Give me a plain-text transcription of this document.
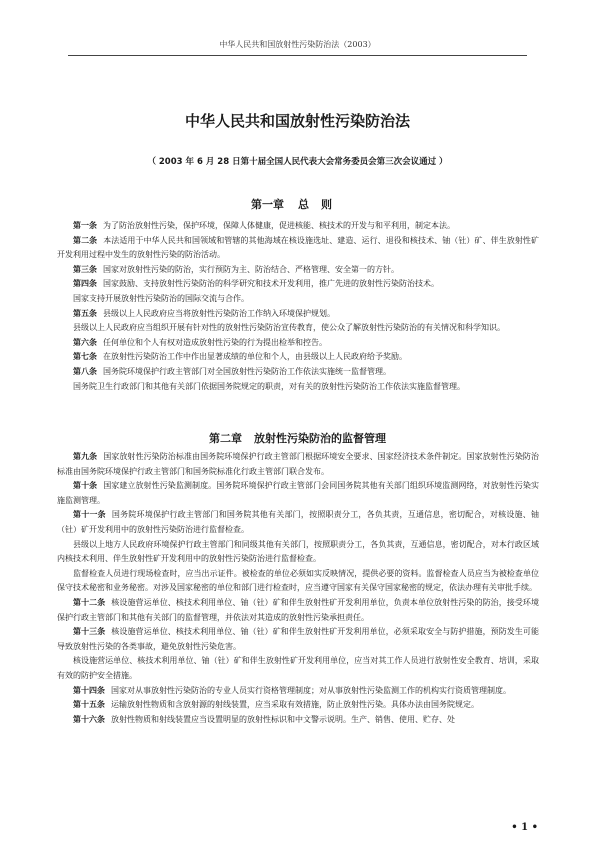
中华人民共和国放射性污染防治法（2003）
中华人民共和国放射性污染防治法
（ 2003 年 6 月 28 日第十届全国人民代表大会常务委员会第三次会议通过 ）
第一章 总则

第一条 为了防治放射性污染，保护环境，保障人体健康，促进核能、核技术的开发与和平利用，制定本法。

第二条 本法适用于中华人民共和国领域和管辖的其他海域在核设施选址、建造、运行、退役和核技术、铀（钍）矿、伴生放射性矿开发利用过程中发生的放射性污染的防治活动。

第三条 国家对放射性污染的防治，实行预防为主、防治结合、严格管理、安全第一的方针。

第四条 国家鼓励、支持放射性污染防治的科学研究和技术开发利用，推广先进的放射性污染防治技术。

国家支持开展放射性污染防治的国际交流与合作。

第五条 县级以上人民政府应当将放射性污染防治工作纳入环境保护规划。

县级以上人民政府应当组织开展有针对性的放射性污染防治宣传教育，使公众了解放射性污染防治的有关情况和科学知识。

第六条 任何单位和个人有权对造成放射性污染的行为提出检举和控告。

第七条 在放射性污染防治工作中作出显著成绩的单位和个人，由县级以上人民政府给予奖励。

第八条 国务院环境保护行政主管部门对全国放射性污染防治工作依法实施统一监督管理。

国务院卫生行政部门和其他有关部门依据国务院规定的职责，对有关的放射性污染防治工作依法实施监督管理。

第二章 放射性污染防治的监督管理

第九条 国家放射性污染防治标准由国务院环境保护行政主管部门根据环境安全要求、国家经济技术条件制定。国家放射性污染防治标准由国务院环境保护行政主管部门和国务院标准化行政主管部门联合发布。

第十条 国家建立放射性污染监测制度。国务院环境保护行政主管部门会同国务院其他有关部门组织环境监测网络，对放射性污染实施监测管理。

第十一条 国务院环境保护行政主管部门和国务院其他有关部门，按照职责分工，各负其责，互通信息，密切配合，对核设施、铀（钍）矿开发利用中的放射性污染防治进行监督检查。

县级以上地方人民政府环境保护行政主管部门和同级其他有关部门，按照职责分工，各负其责，互通信息，密切配合，对本行政区域内核技术利用、伴生放射性矿开发利用中的放射性污染防治进行监督检查。

监督检查人员进行现场检查时，应当出示证件。被检查的单位必须如实反映情况，提供必要的资料。监督检查人员应当为被检查单位保守技术秘密和业务秘密。对涉及国家秘密的单位和部门进行检查时，应当遵守国家有关保守国家秘密的规定，依法办理有关审批手续。

第十二条 核设施营运单位、核技术利用单位、铀（钍）矿和伴生放射性矿开发利用单位，负责本单位放射性污染的防治，接受环境保护行政主管部门和其他有关部门的监督管理，并依法对其造成的放射性污染承担责任。

第十三条 核设施营运单位、核技术利用单位、铀（钍）矿和伴生放射性矿开发利用单位，必须采取安全与防护措施，预防发生可能导致放射性污染的各类事故，避免放射性污染危害。

核设施营运单位、核技术利用单位、铀（钍）矿和伴生放射性矿开发利用单位，应当对其工作人员进行放射性安全教育、培训，采取有效的防护安全措施。

第十四条 国家对从事放射性污染防治的专业人员实行资格管理制度；对从事放射性污染监测工作的机构实行资质管理制度。

第十五条 运输放射性物质和含放射源的射线装置，应当采取有效措施，防止放射性污染。具体办法由国务院规定。

第十六条 放射性物质和射线装置应当设置明显的放射性标识和中文警示说明。生产、销售、使用、贮存、处

• 1 •
